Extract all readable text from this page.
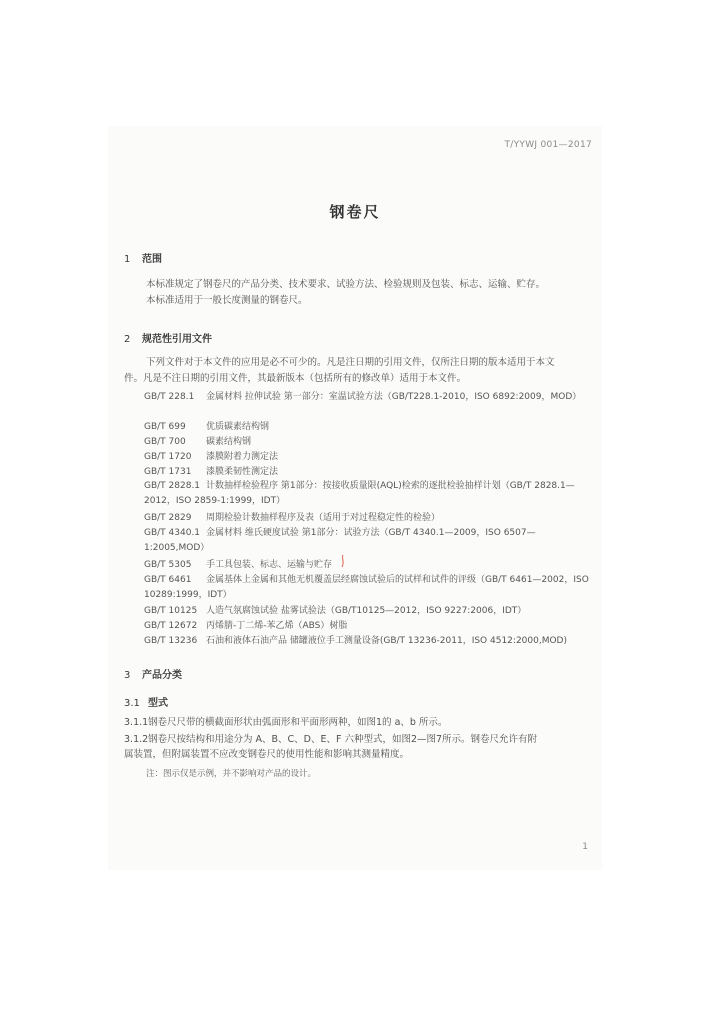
T/YYWJ 001—2017
钢卷尺
1 范围
本标准规定了钢卷尺的产品分类、技术要求、试验方法、检验规则及包装、标志、运输、贮存。
本标准适用于一般长度测量的钢卷尺。
2 规范性引用文件
下列文件对于本文件的应用是必不可少的。凡是注日期的引用文件，仅所注日期的版本适用于本文
件。凡是不注日期的引用文件，其最新版本（包括所有的修改单）适用于本文件。
GB/T 228.1 金属材料 拉伸试验 第一部分：室温试验方法（GB/T228.1-2010，ISO 6892:2009，MOD）
GB/T 699 优质碳素结构钢
GB/T 700 碳素结构钢
GB/T 1720 漆膜附着力测定法
GB/T 1731 漆膜柔韧性测定法
GB/T 2828.1 计数抽样检验程序 第1部分：按接收质量限(AQL)检索的逐批检验抽样计划（GB/T 2828.1—2012，ISO 2859-1:1999，IDT）
GB/T 2829 周期检验计数抽样程序及表（适用于对过程稳定性的检验）
GB/T 4340.1 金属材料 维氏硬度试验 第1部分：试验方法（GB/T 4340.1—2009，ISO 6507—1:2005,MOD）
GB/T 5305 手工具包装、标志、运输与贮存
GB/T 6461 金属基体上金属和其他无机覆盖层经腐蚀试验后的试样和试件的评级（GB/T 6461—2002，ISO 10289:1999，IDT）
GB/T 10125 人造气氛腐蚀试验 盐雾试验法（GB/T10125—2012，ISO 9227:2006，IDT）
GB/T 12672 丙烯腈-丁二烯-苯乙烯（ABS）树脂
GB/T 13236 石油和液体石油产品 储罐液位手工测量设备(GB/T 13236-2011，ISO 4512:2000,MOD)
3 产品分类
3.1 型式
3.1.1钢卷尺尺带的横截面形状由弧面形和平面形两种，如图1的 a、b 所示。
3.1.2钢卷尺按结构和用途分为 A、B、C、D、E、F 六种型式，如图2—图7所示。钢卷尺允许有附
属装置，但附属装置不应改变钢卷尺的使用性能和影响其测量精度。
注：图示仅是示例，并不影响对产品的设计。
1
